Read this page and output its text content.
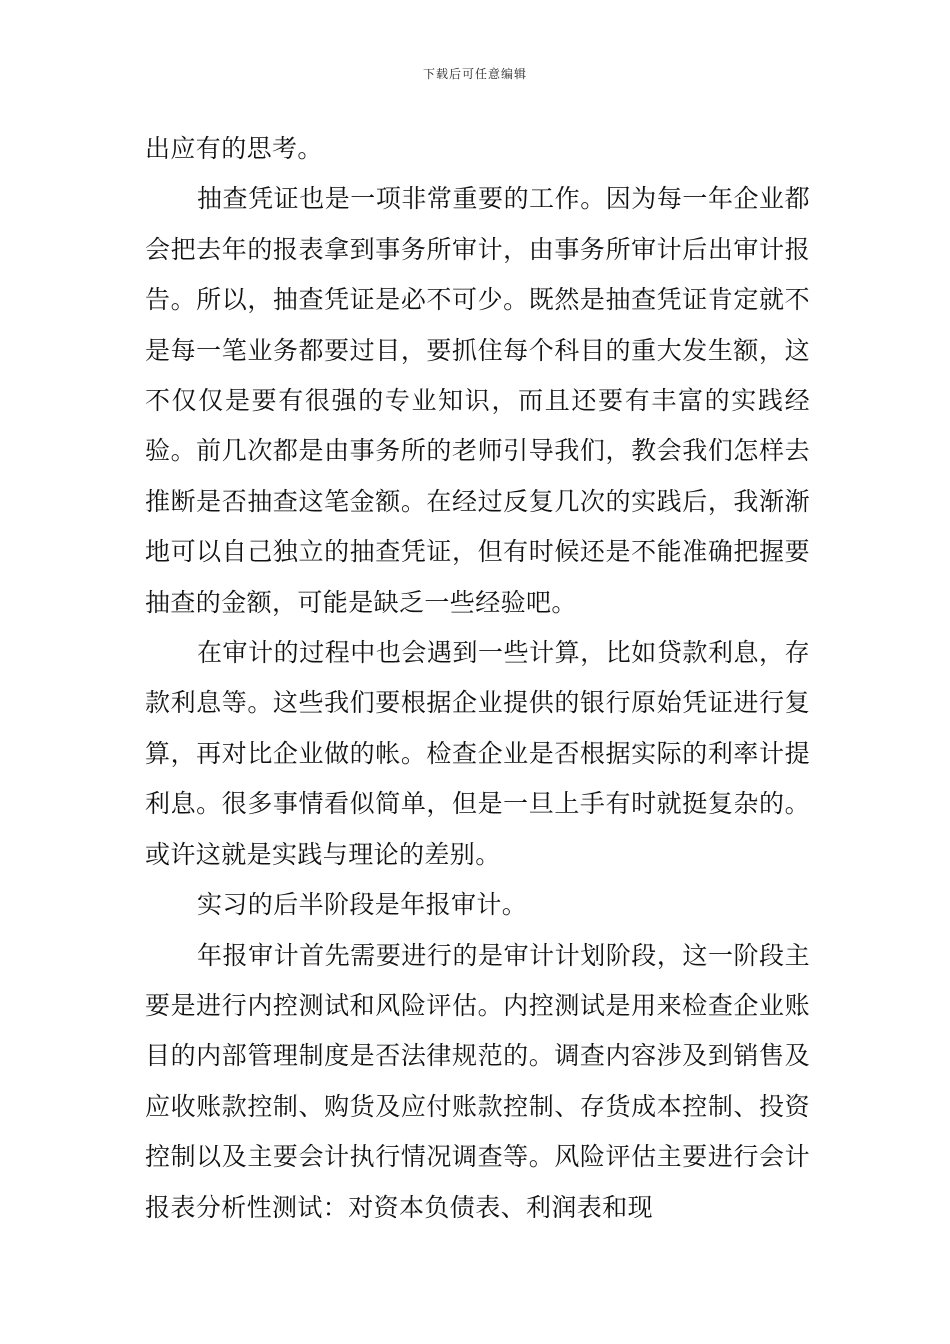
下载后可任意编辑

出应有的思考。

抽查凭证也是一项非常重要的工作。因为每一年企业都会把去年的报表拿到事务所审计，由事务所审计后出审计报告。所以，抽查凭证是必不可少。既然是抽查凭证肯定就不是每一笔业务都要过目，要抓住每个科目的重大发生额，这不仅仅是要有很强的专业知识，而且还要有丰富的实践经验。前几次都是由事务所的老师引导我们，教会我们怎样去推断是否抽查这笔金额。在经过反复几次的实践后，我渐渐地可以自己独立的抽查凭证，但有时候还是不能准确把握要抽查的金额，可能是缺乏一些经验吧。

在审计的过程中也会遇到一些计算，比如贷款利息，存款利息等。这些我们要根据企业提供的银行原始凭证进行复算，再对比企业做的帐。检查企业是否根据实际的利率计提利息。很多事情看似简单，但是一旦上手有时就挺复杂的。或许这就是实践与理论的差别。

实习的后半阶段是年报审计。

年报审计首先需要进行的是审计计划阶段，这一阶段主要是进行内控测试和风险评估。内控测试是用来检查企业账目的内部管理制度是否法律规范的。调查内容涉及到销售及应收账款控制、购货及应付账款控制、存货成本控制、投资控制以及主要会计执行情况调查等。风险评估主要进行会计报表分析性测试：对资本负债表、利润表和现
